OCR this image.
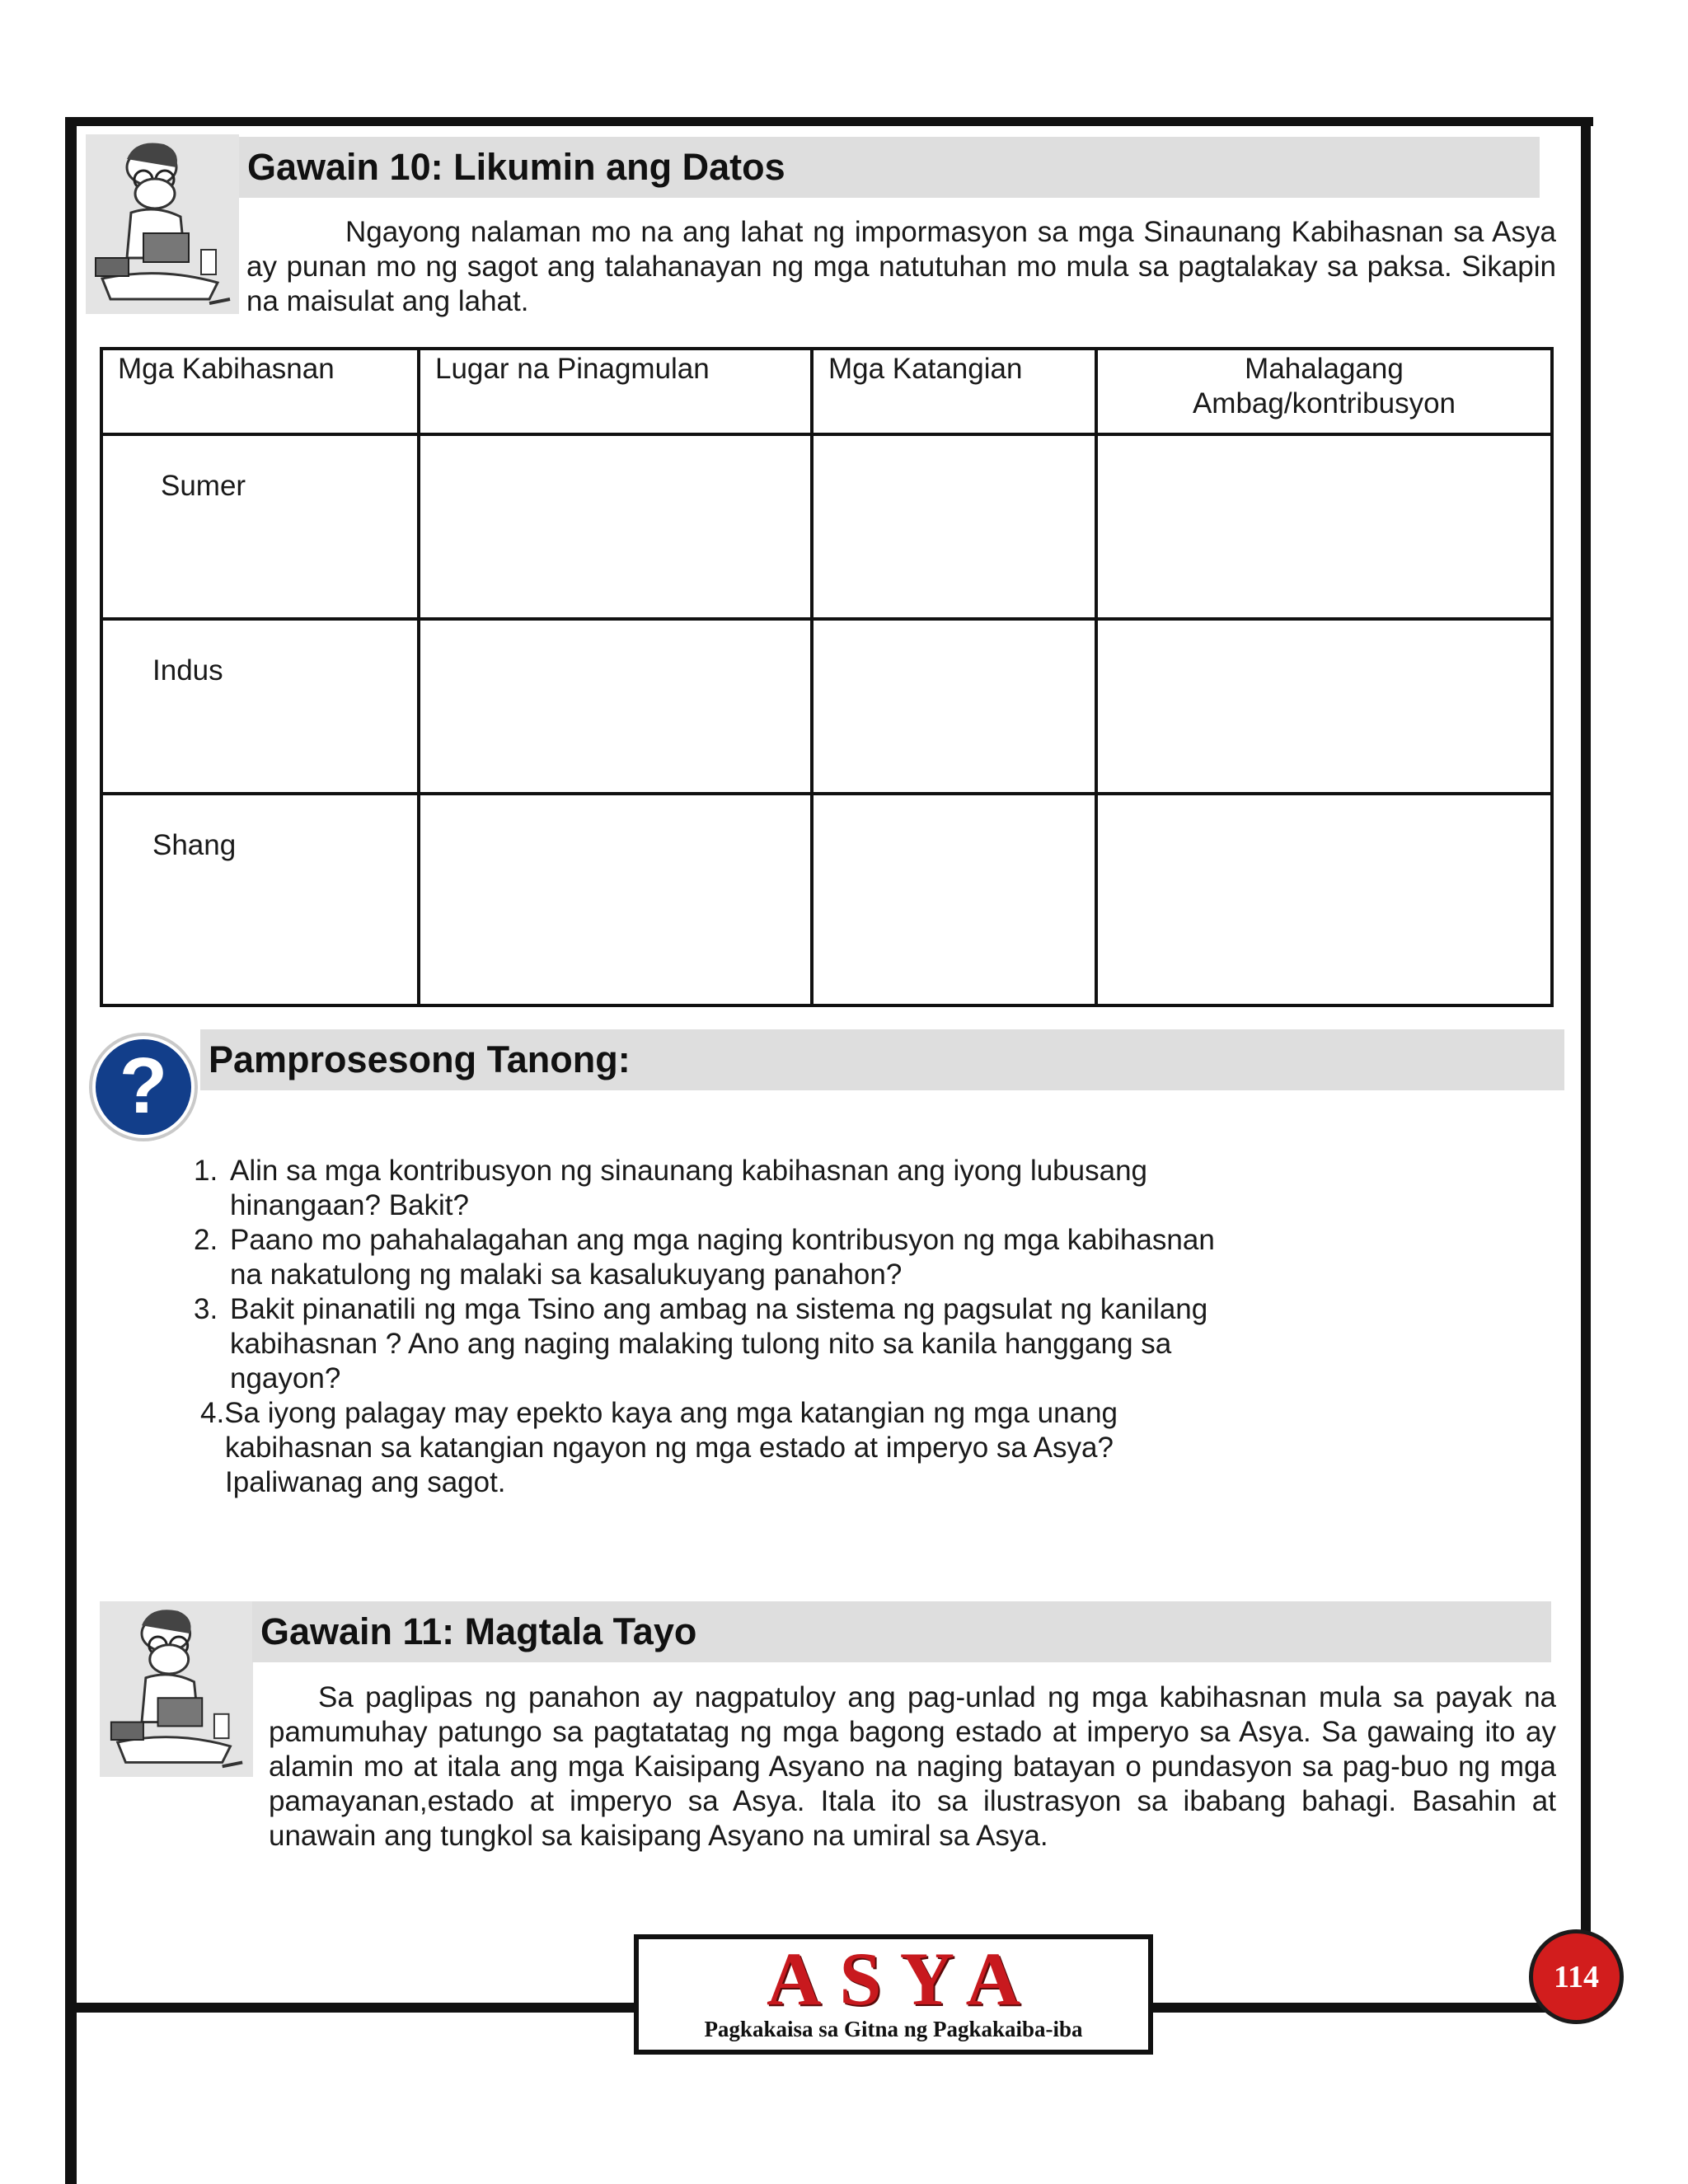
Gawain 10: Likumin ang Datos
Ngayong nalaman mo na ang lahat ng impormasyon sa mga Sinaunang Kabihasnan sa Asya ay punan mo ng sagot ang talahanayan ng mga natutuhan mo mula sa pagtalakay sa paksa. Sikapin na maisulat ang lahat.
Mga Kabihasnan	Lugar na Pinagmulan	Mga Katangian	Mahalagang
Ambag/kontribusyon
Sumer			
Indus			
Shang			
Pamprosesong Tanong:
?
1. Alin sa mga kontribusyon ng sinaunang kabihasnan ang iyong lubusang
hinangaan? Bakit?
2. Paano mo pahahalagahan ang mga naging kontribusyon ng mga kabihasnan
na nakatulong ng malaki sa kasalukuyang panahon?
3. Bakit pinanatili ng mga Tsino ang ambag na sistema ng pagsulat ng kanilang
kabihasnan ? Ano ang naging malaking tulong nito sa kanila hanggang sa
ngayon?
4.Sa iyong palagay may epekto kaya ang mga katangian ng mga unang
kabihasnan sa katangian ngayon ng mga estado at imperyo sa Asya?
Ipaliwanag ang sagot.
Gawain 11: Magtala Tayo
Sa paglipas ng panahon ay nagpatuloy ang pag-unlad ng mga kabihasnan mula sa payak na pamumuhay patungo sa pagtatatag ng mga bagong estado at imperyo sa Asya. Sa gawaing ito ay alamin mo at itala ang mga Kaisipang Asyano na naging batayan o pundasyon sa pag-buo ng mga pamayanan,estado at imperyo sa Asya. Itala ito sa ilustrasyon sa ibabang bahagi. Basahin at unawain ang tungkol sa kaisipang Asyano na umiral sa Asya.
ASYA
Pagkakaisa sa Gitna ng Pagkakaiba-iba
114
